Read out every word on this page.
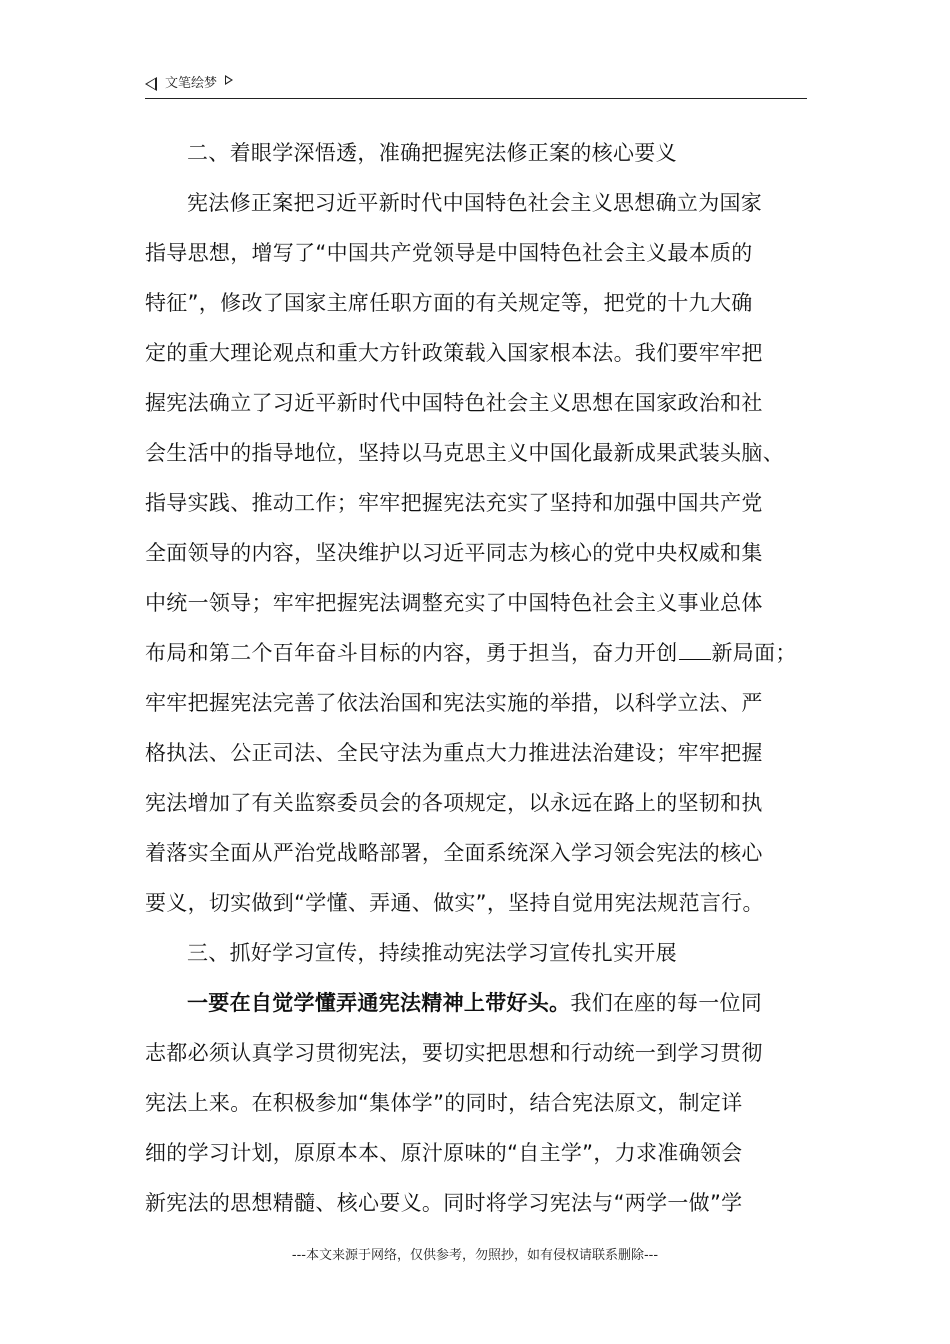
文笔绘梦
二、着眼学深悟透，准确把握宪法修正案的核心要义
宪法修正案把习近平新时代中国特色社会主义思想确立为国家
指导思想，增写了“中国共产党领导是中国特色社会主义最本质的
特征”，修改了国家主席任职方面的有关规定等，把党的十九大确
定的重大理论观点和重大方针政策载入国家根本法。我们要牢牢把
握宪法确立了习近平新时代中国特色社会主义思想在国家政治和社
会生活中的指导地位，坚持以马克思主义中国化最新成果武装头脑、
指导实践、推动工作；牢牢把握宪法充实了坚持和加强中国共产党
全面领导的内容，坚决维护以习近平同志为核心的党中央权威和集
中统一领导；牢牢把握宪法调整充实了中国特色社会主义事业总体
布局和第二个百年奋斗目标的内容，勇于担当，奋力开创 新局面；
牢牢把握宪法完善了依法治国和宪法实施的举措，以科学立法、严
格执法、公正司法、全民守法为重点大力推进法治建设；牢牢把握
宪法增加了有关监察委员会的各项规定，以永远在路上的坚韧和执
着落实全面从严治党战略部署，全面系统深入学习领会宪法的核心
要义，切实做到“学懂、弄通、做实”，坚持自觉用宪法规范言行。
三、抓好学习宣传，持续推动宪法学习宣传扎实开展
一要在自觉学懂弄通宪法精神上带好头。我们在座的每一位同
志都必须认真学习贯彻宪法，要切实把思想和行动统一到学习贯彻
宪法上来。在积极参加“集体学”的同时，结合宪法原文，制定详
细的学习计划，原原本本、原汁原味的“自主学”，力求准确领会
新宪法的思想精髓、核心要义。同时将学习宪法与“两学一做”学
---本文来源于网络，仅供参考，勿照抄，如有侵权请联系删除---
